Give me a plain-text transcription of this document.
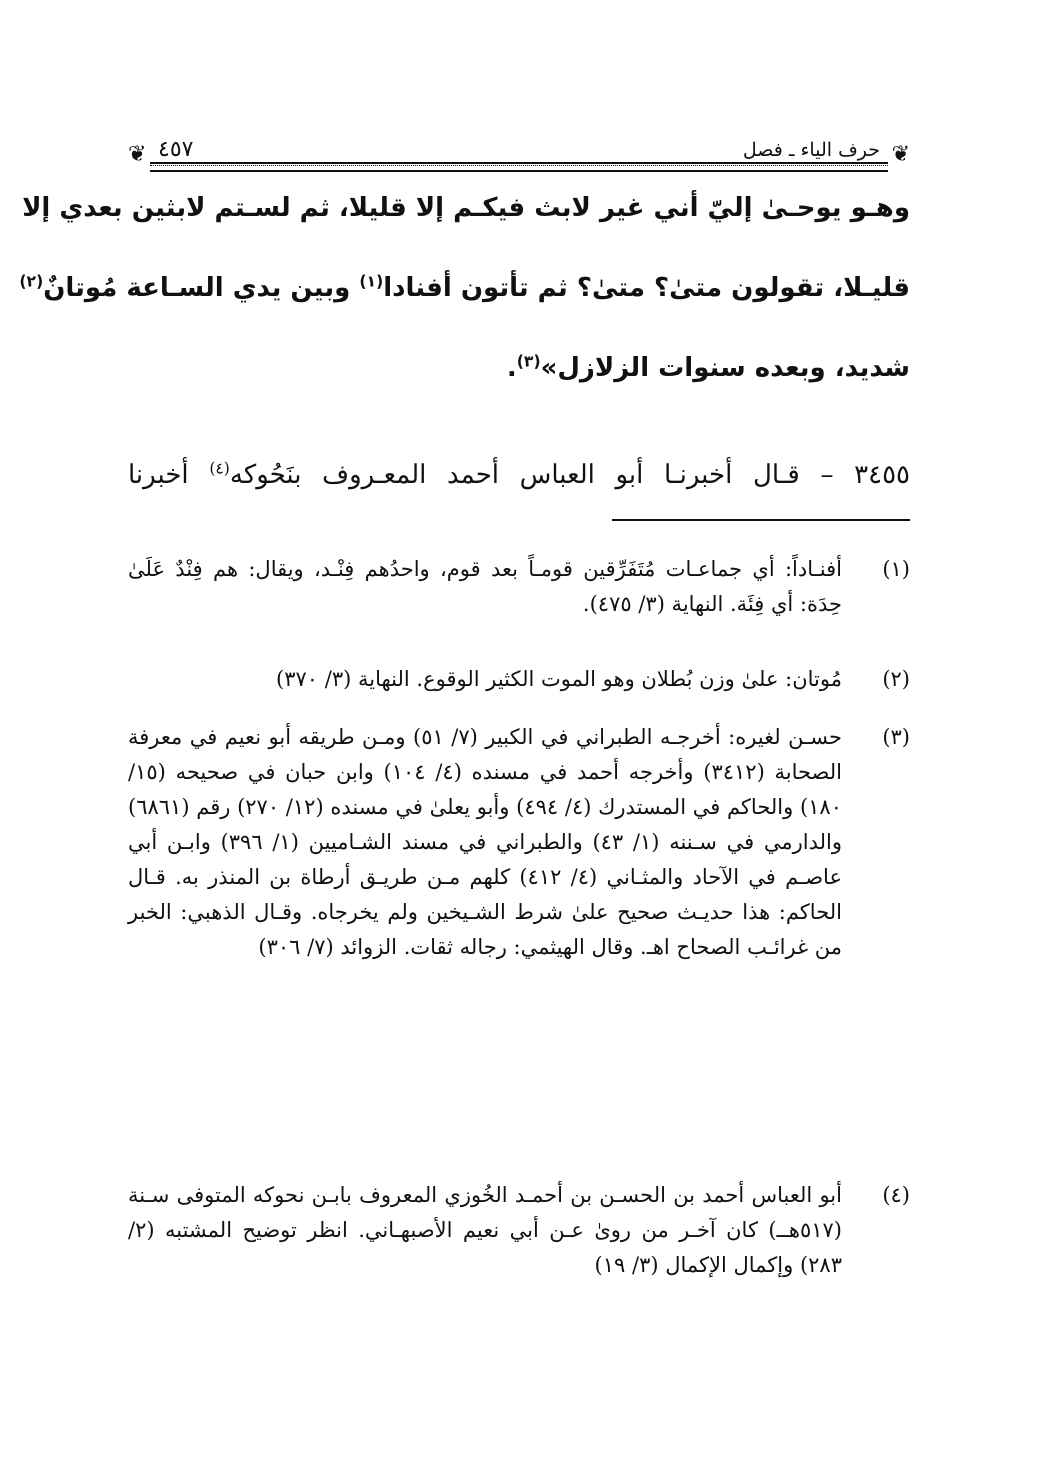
❦
❦ ٤٥٧	حرف الياء ـ فصل
وهـو يوحـىٰ إليّ أني غير لابث فيكـم إلا قليلا، ثم لسـتم لابثين بعدي إلا
قليـلا، تقولون متىٰ؟ متىٰ؟ ثم تأتون أفنادا$^{(١)}$ وبين يدي السـاعة مُوتانٌ$^{(٢)}$
شديد، وبعده سنوات الزلازل»$^{(٣)}$.
٣٤٥٥ – قـال أخبرنـا أبو العباس أحمد المعـروف بنَحُوكه$^{(٤)}$ أخبرنا
(١)
أفنـاداً: أي جماعـات مُتَفَرِّقين قومـاً بعد قوم، واحدُهم فِنْـد، ويقال: هم فِنْدٌ عَلَىٰ حِدَة: أي فِئَة. النهاية (٣/ ٤٧٥).
(٢)
مُوتان: علىٰ وزن بُطلان وهو الموت الكثير الوقوع. النهاية (٣/ ٣٧٠)
(٣)
حسـن لغيره: أخرجـه الطبراني في الكبير (٧/ ٥١) ومـن طريقه أبو نعيم في معرفة الصحابة (٣٤١٢) وأخرجه أحمد في مسنده (٤/ ١٠٤) وابن حبان في صحيحه (١٥/ ١٨٠) والحاكم في المستدرك (٤/ ٤٩٤) وأبو يعلىٰ في مسنده (١٢/ ٢٧٠) رقم (٦٨٦١) والدارمي في سـننه (١/ ٤٣) والطبراني في مسند الشـاميين (١/ ٣٩٦) وابـن أبي عاصـم في الآحاد والمثـاني (٤/ ٤١٢) كلهم مـن طريـق أرطاة بن المنذر به. قـال الحاكم: هذا حديـث صحيح علىٰ شرط الشـيخين ولم يخرجاه. وقـال الذهبي: الخبر من غرائـب الصحاح اهـ. وقال الهيثمي: رجاله ثقات. الزوائد (٧/ ٣٠٦)
(٤)
أبو العباس أحمد بن الحسـن بن أحمـد الخُوزي المعروف بابـن نحوكه المتوفى سـنة (٥١٧هــ) كان آخـر من روىٰ عـن أبي نعيم الأصبهـاني. انظر توضيح المشتبه (٢/ ٢٨٣) وإكمال الإكمال (٣/ ١٩)
